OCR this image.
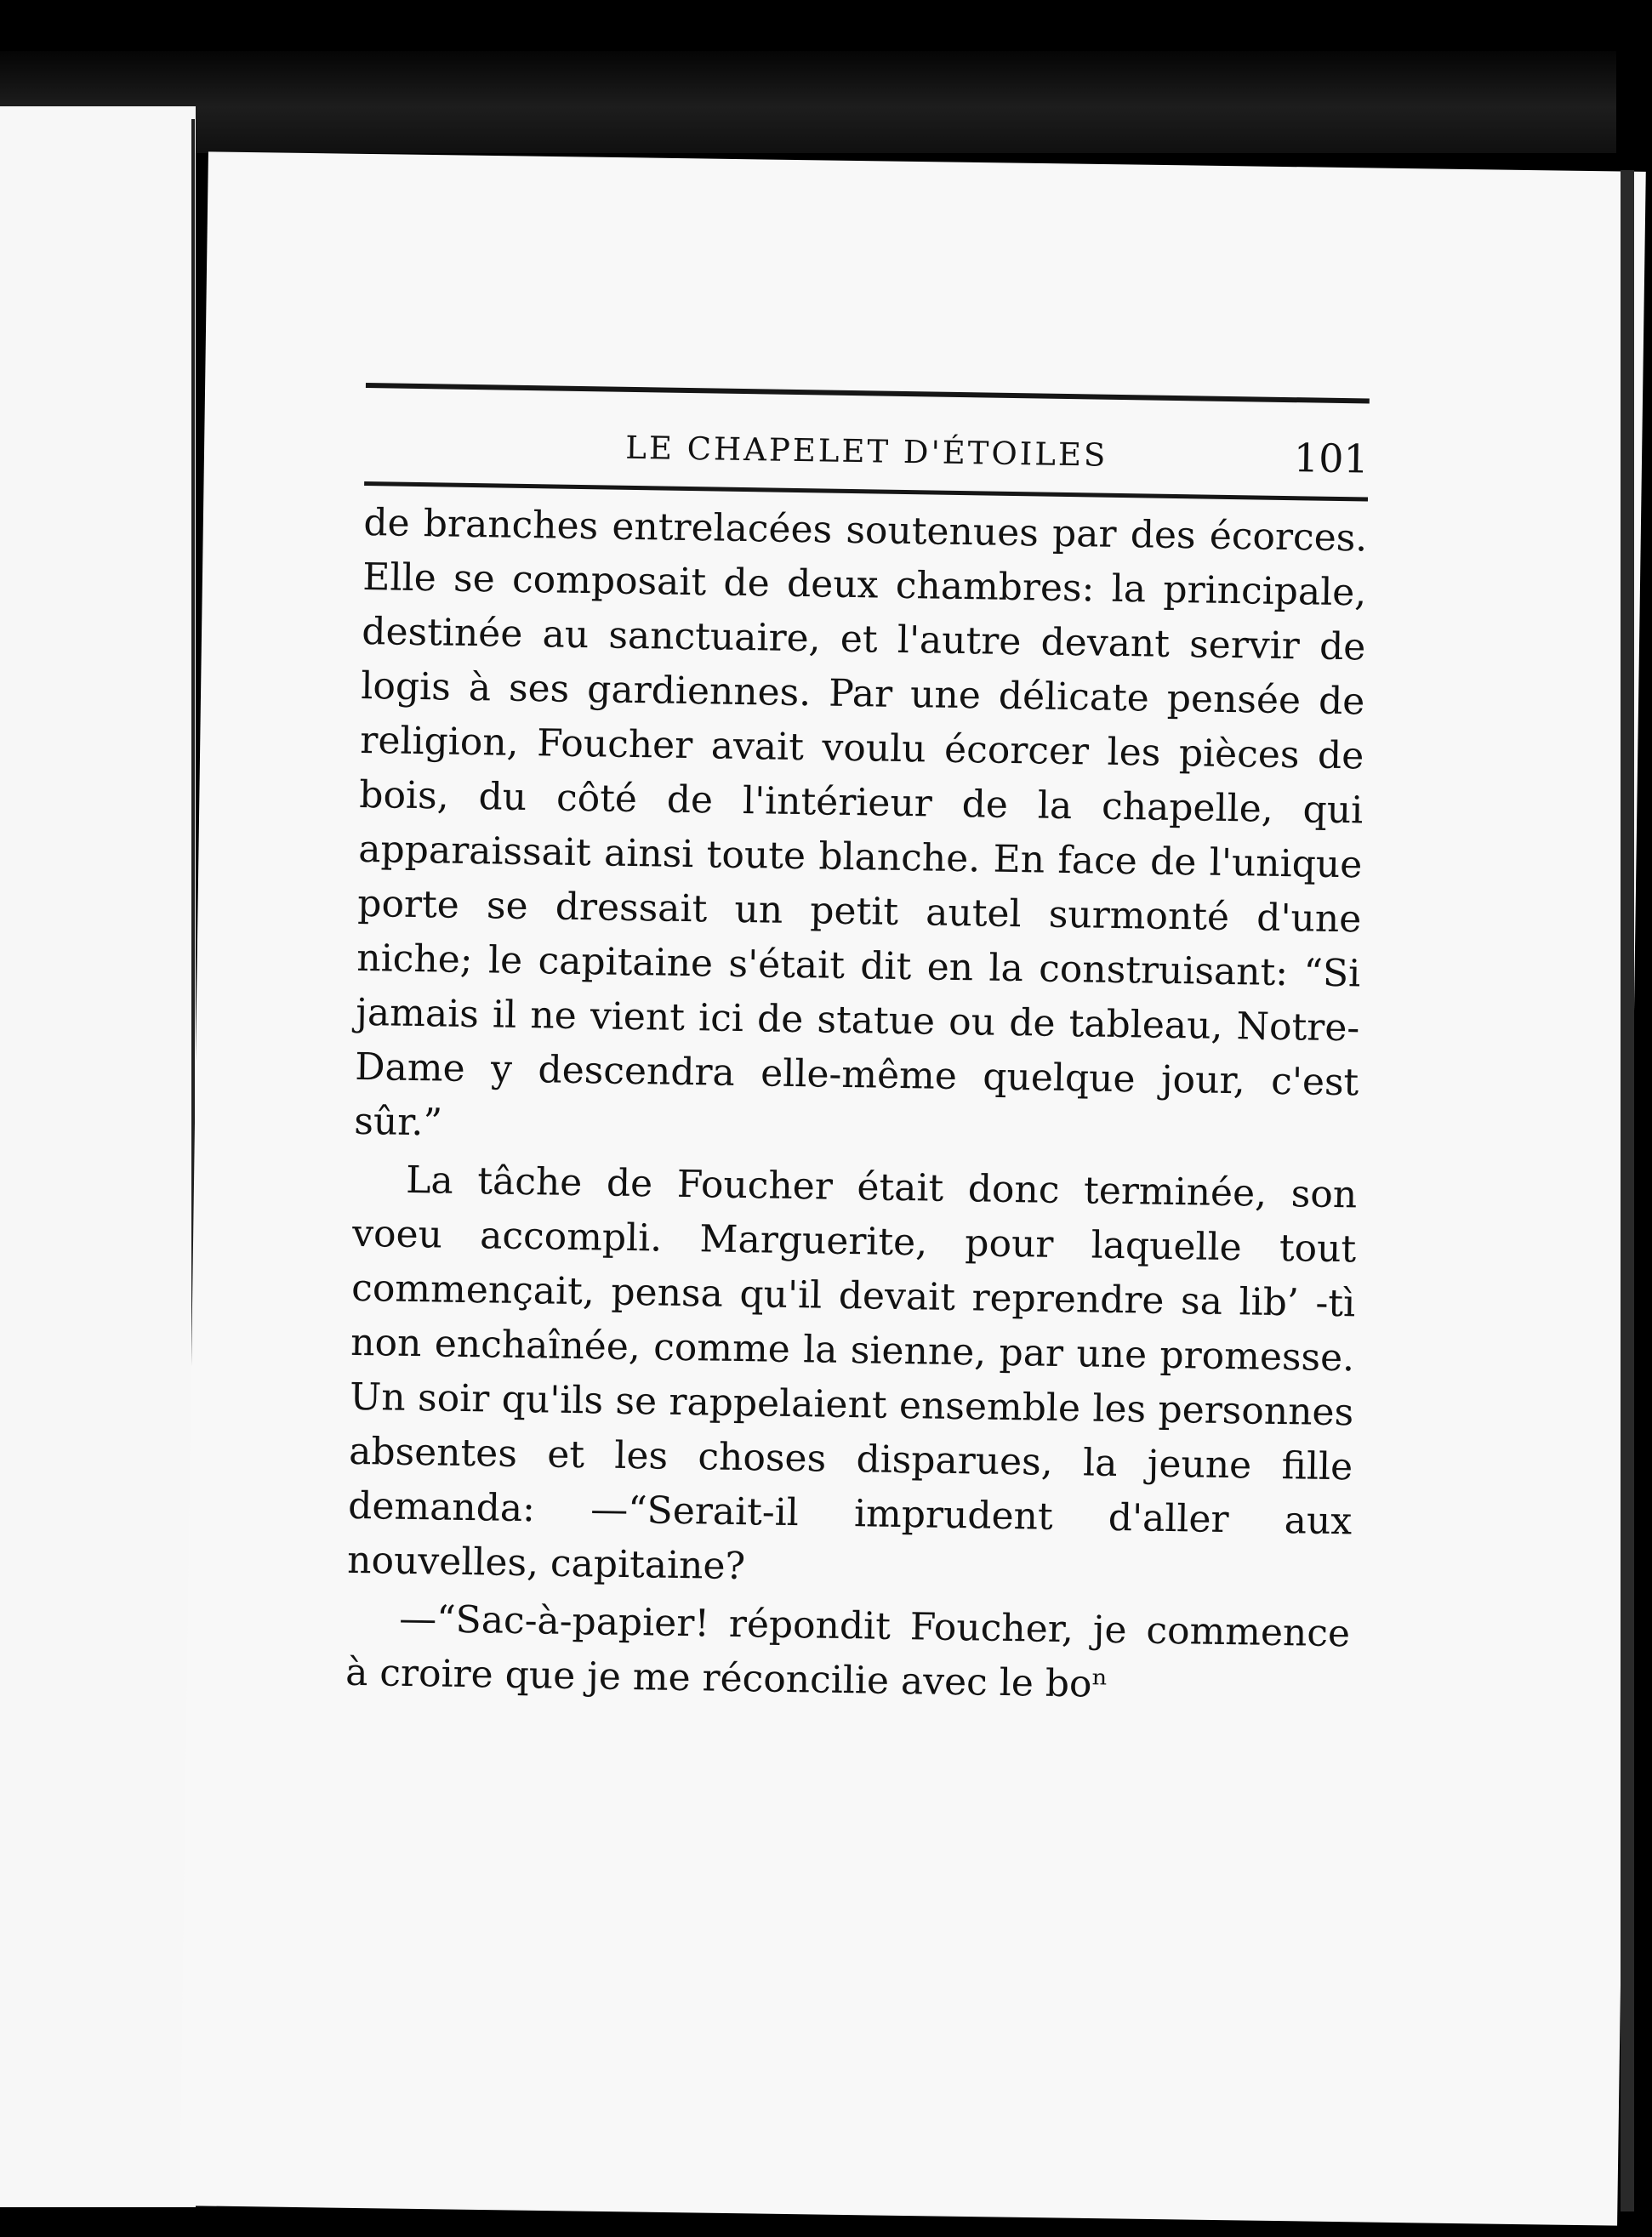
LE CHAPELET D'ÉTOILES	101

de branches entrelacées soutenues par des écorces. Elle se composait de deux chambres: la principale, destinée au sanctuaire, et l'autre devant servir de logis à ses gardiennes. Par une délicate pensée de religion, Foucher avait voulu écorcer les pièces de bois, du côté de l'intérieur de la chapelle, qui apparaissait ainsi toute blanche. En face de l'unique porte se dressait un petit autel surmonté d'une niche; le capitaine s'était dit en la construisant: “Si jamais il ne vient ici de statue ou de tableau, Notre-Dame y descendra elle-même quelque jour, c'est sûr.”

La tâche de Foucher était donc terminée, son voeu accompli. Marguerite, pour laquelle tout commençait, pensa qu'il devait reprendre sa lib’ -tì non enchaînée, comme la sienne, par une promesse. Un soir qu'ils se rappelaient ensemble les personnes absentes et les choses disparues, la jeune fille demanda: —“Serait-il imprudent d'aller aux nouvelles, capitaine?

—“Sac-à-papier! répondit Foucher, je commence à croire que je me réconcilie avec le boⁿ
